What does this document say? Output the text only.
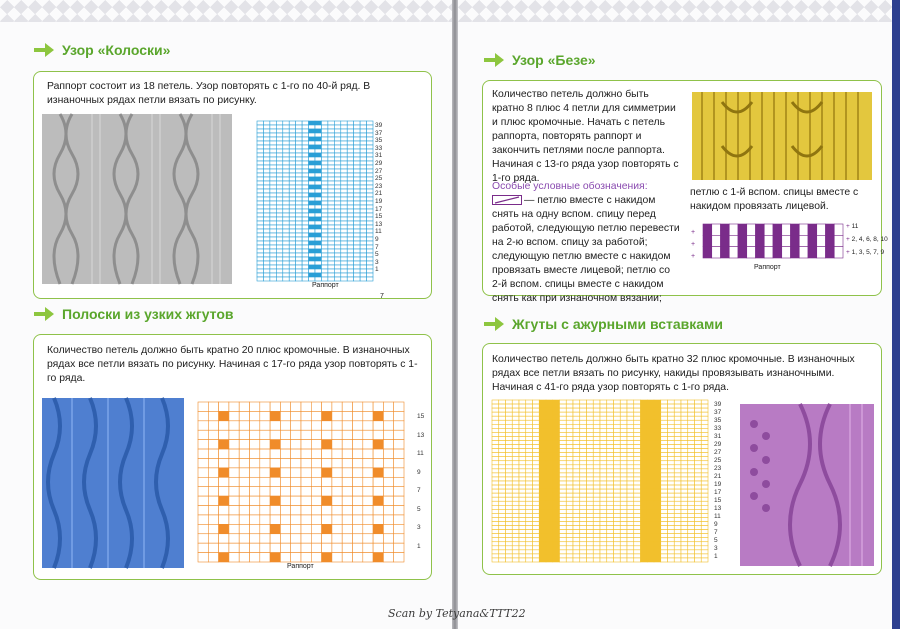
Узор «Колоски»
Раппорт состоит из 18 петель. Узор повторять с 1-го по 40-й ряд. В изнаночных рядах петли вязать по рисунку.
39
37
35
33
31
29
27
25
23
21
19
17
15
13
11
9
7
5
3
1
Раппорт
7
Полоски из узких жгутов
Количество петель должно быть кратно 20 плюс кромочные. В изнаночных рядах все петли вязать по рисунку. Начиная с 17-го ряда узор повторять с 1-го ряда.
15
13
11
9
7
5
3
1
Раппорт
Узор «Безе»
Количество петель должно быть кратно 8 плюс 4 петли для симметрии и плюс кромочные. Начать с петель раппорта, повторять раппорт и закончить петлями после раппорта. Начиная с 13-го ряда узор повторять с 1-го ряда.
Особые условные обозначения:
— петлю вместе с накидом снять на одну вспом. спицу перед работой, следующую петлю перевести на 2-ю вспом. спицу за работой; следующую петлю вместе с накидом провязать вместе лицевой; петлю со 2-й вспом. спицы вместе с накидом снять как при изнаночном вязании;
петлю с 1-й вспом. спицы вместе с накидом провязать лицевой.
+
+
+
+ 11
+ 2, 4, 6, 8, 10
+ 1, 3, 5, 7, 9
Раппорт
Жгуты с ажурными вставками
Количество петель должно быть кратно 32 плюс кромочные. В изнаночных рядах все петли вязать по рисунку, накиды провязывать изнаночными. Начиная с 41-го ряда узор повторять с 1-го ряда.
39
37
35
33
31
29
27
25
23
21
19
17
15
13
11
9
7
5
3
1
Scan by Tetyana&TTT22
